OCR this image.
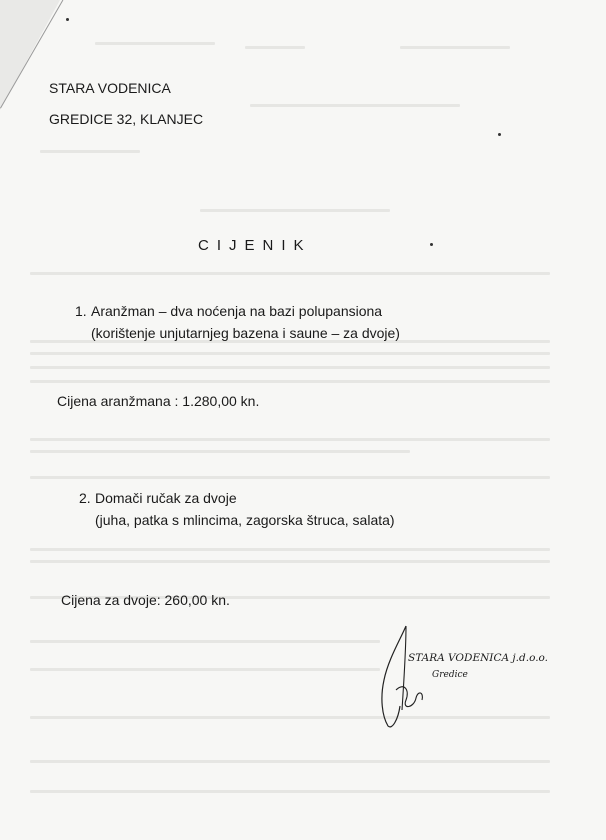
STARA VODENICA
GREDICE 32, KLANJEC
CIJENIK
1. Aranžman – dva noćenja na bazi polupansiona
(korištenje unjutarnjeg bazena i saune – za dvoje)
Cijena aranžmana : 1.280,00 kn.
2. Domači ručak za dvoje
(juha, patka s mlincima, zagorska štruca, salata)
Cijena za dvoje: 260,00 kn.
STARA VODENICA j.d.o.o.
Gredice
